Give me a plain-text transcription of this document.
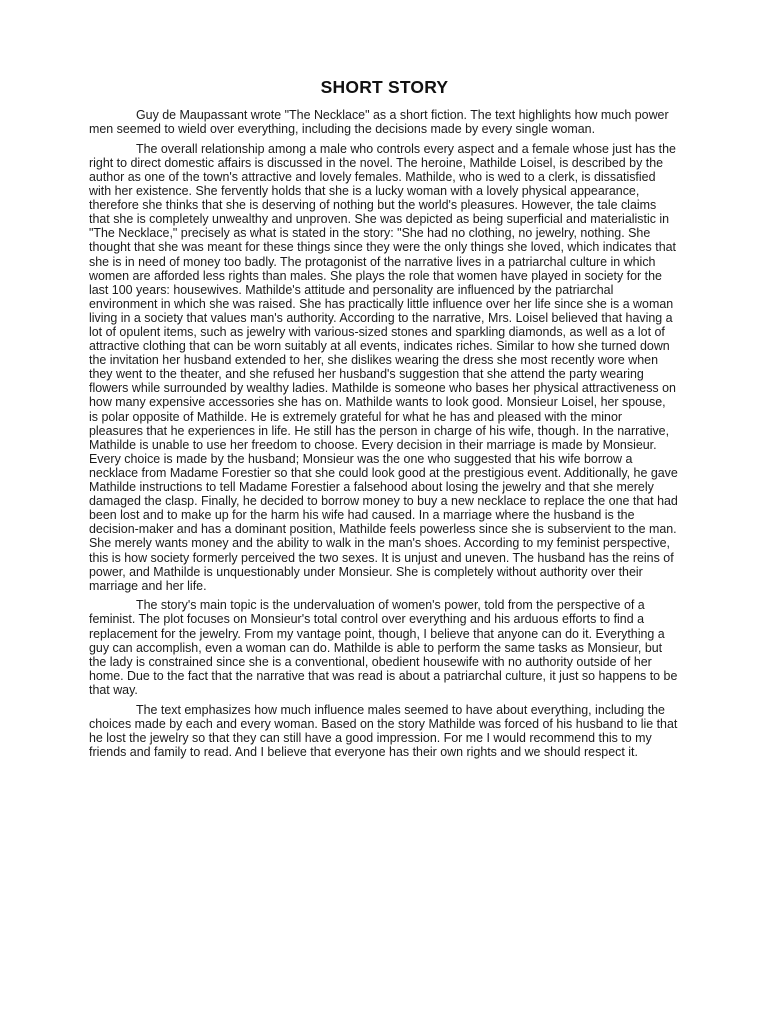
SHORT STORY

Guy de Maupassant wrote "The Necklace" as a short fiction. The text highlights how much power men seemed to wield over everything, including the decisions made by every single woman.

The overall relationship among a male who controls every aspect and a female whose just has the right to direct domestic affairs is discussed in the novel. The heroine, Mathilde Loisel, is described by the author as one of the town's attractive and lovely females. Mathilde, who is wed to a clerk, is dissatisfied with her existence. She fervently holds that she is a lucky woman with a lovely physical appearance, therefore she thinks that she is deserving of nothing but the world's pleasures. However, the tale claims that she is completely unwealthy and unproven. She was depicted as being superficial and materialistic in "The Necklace," precisely as what is stated in the story: "She had no clothing, no jewelry, nothing. She thought that she was meant for these things since they were the only things she loved, which indicates that she is in need of money too badly. The protagonist of the narrative lives in a patriarchal culture in which women are afforded less rights than males. She plays the role that women have played in society for the last 100 years: housewives. Mathilde's attitude and personality are influenced by the patriarchal environment in which she was raised. She has practically little influence over her life since she is a woman living in a society that values man's authority. According to the narrative, Mrs. Loisel believed that having a lot of opulent items, such as jewelry with various-sized stones and sparkling diamonds, as well as a lot of attractive clothing that can be worn suitably at all events, indicates riches. Similar to how she turned down the invitation her husband extended to her, she dislikes wearing the dress she most recently wore when they went to the theater, and she refused her husband's suggestion that she attend the party wearing flowers while surrounded by wealthy ladies. Mathilde is someone who bases her physical attractiveness on how many expensive accessories she has on. Mathilde wants to look good. Monsieur Loisel, her spouse, is polar opposite of Mathilde. He is extremely grateful for what he has and pleased with the minor pleasures that he experiences in life. He still has the person in charge of his wife, though. In the narrative, Mathilde is unable to use her freedom to choose. Every decision in their marriage is made by Monsieur. Every choice is made by the husband; Monsieur was the one who suggested that his wife borrow a necklace from Madame Forestier so that she could look good at the prestigious event. Additionally, he gave Mathilde instructions to tell Madame Forestier a falsehood about losing the jewelry and that she merely damaged the clasp. Finally, he decided to borrow money to buy a new necklace to replace the one that had been lost and to make up for the harm his wife had caused. In a marriage where the husband is the decision-maker and has a dominant position, Mathilde feels powerless since she is subservient to the man. She merely wants money and the ability to walk in the man's shoes. According to my feminist perspective, this is how society formerly perceived the two sexes. It is unjust and uneven. The husband has the reins of power, and Mathilde is unquestionably under Monsieur. She is completely without authority over their marriage and her life.

The story's main topic is the undervaluation of women's power, told from the perspective of a feminist. The plot focuses on Monsieur's total control over everything and his arduous efforts to find a replacement for the jewelry. From my vantage point, though, I believe that anyone can do it. Everything a guy can accomplish, even a woman can do. Mathilde is able to perform the same tasks as Monsieur, but the lady is constrained since she is a conventional, obedient housewife with no authority outside of her home. Due to the fact that the narrative that was read is about a patriarchal culture, it just so happens to be that way.

The text emphasizes how much influence males seemed to have about everything, including the choices made by each and every woman. Based on the story Mathilde was forced of his husband to lie that he lost the jewelry so that they can still have a good impression. For me I would recommend this to my friends and family to read. And I believe that everyone has their own rights and we should respect it.
